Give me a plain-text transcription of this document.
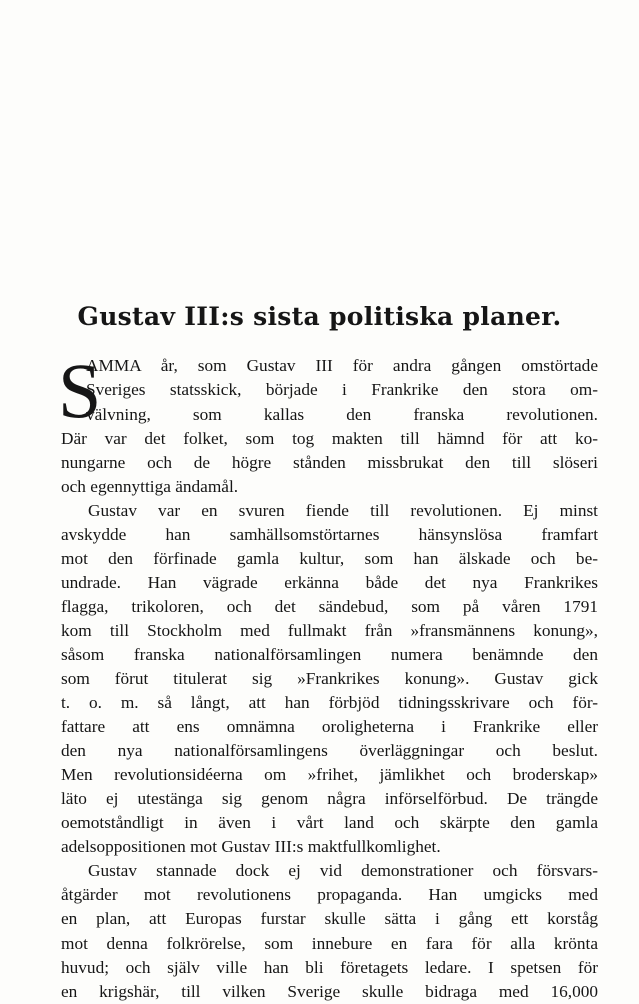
Gustav III:s sista politiska planer.
S
AMMA år, som Gustav III för andra gången omstörtade
Sveriges statsskick, började i Frankrike den stora om-
välvning, som kallas den franska revolutionen.
Där var det folket, som tog makten till hämnd för att ko-
nungarne och de högre stånden missbrukat den till slöseri
och egennyttiga ändamål.
Gustav var en svuren fiende till revolutionen. Ej minst
avskydde han samhällsomstörtarnes hänsynslösa framfart
mot den förfinade gamla kultur, som han älskade och be-
undrade. Han vägrade erkänna både det nya Frankrikes
flagga, trikoloren, och det sändebud, som på våren 1791
kom till Stockholm med fullmakt från »fransmännens konung»,
såsom franska nationalförsamlingen numera benämnde den
som förut titulerat sig »Frankrikes konung». Gustav gick
t. o. m. så långt, att han förbjöd tidningsskrivare och för-
fattare att ens omnämna oroligheterna i Frankrike eller
den nya nationalförsamlingens överläggningar och beslut.
Men revolutionsidéerna om »frihet, jämlikhet och broderskap»
läto ej utestänga sig genom några införselförbud. De trängde
oemotståndligt in även i vårt land och skärpte den gamla
adelsoppositionen mot Gustav III:s maktfullkomlighet.
Gustav stannade dock ej vid demonstrationer och försvars-
åtgärder mot revolutionens propaganda. Han umgicks med
en plan, att Europas furstar skulle sätta i gång ett korståg
mot denna folkrörelse, som innebure en fara för alla krönta
huvud; och själv ville han bli företagets ledare. I spetsen för
en krigshär, till vilken Sverige skulle bidraga med 16,000
